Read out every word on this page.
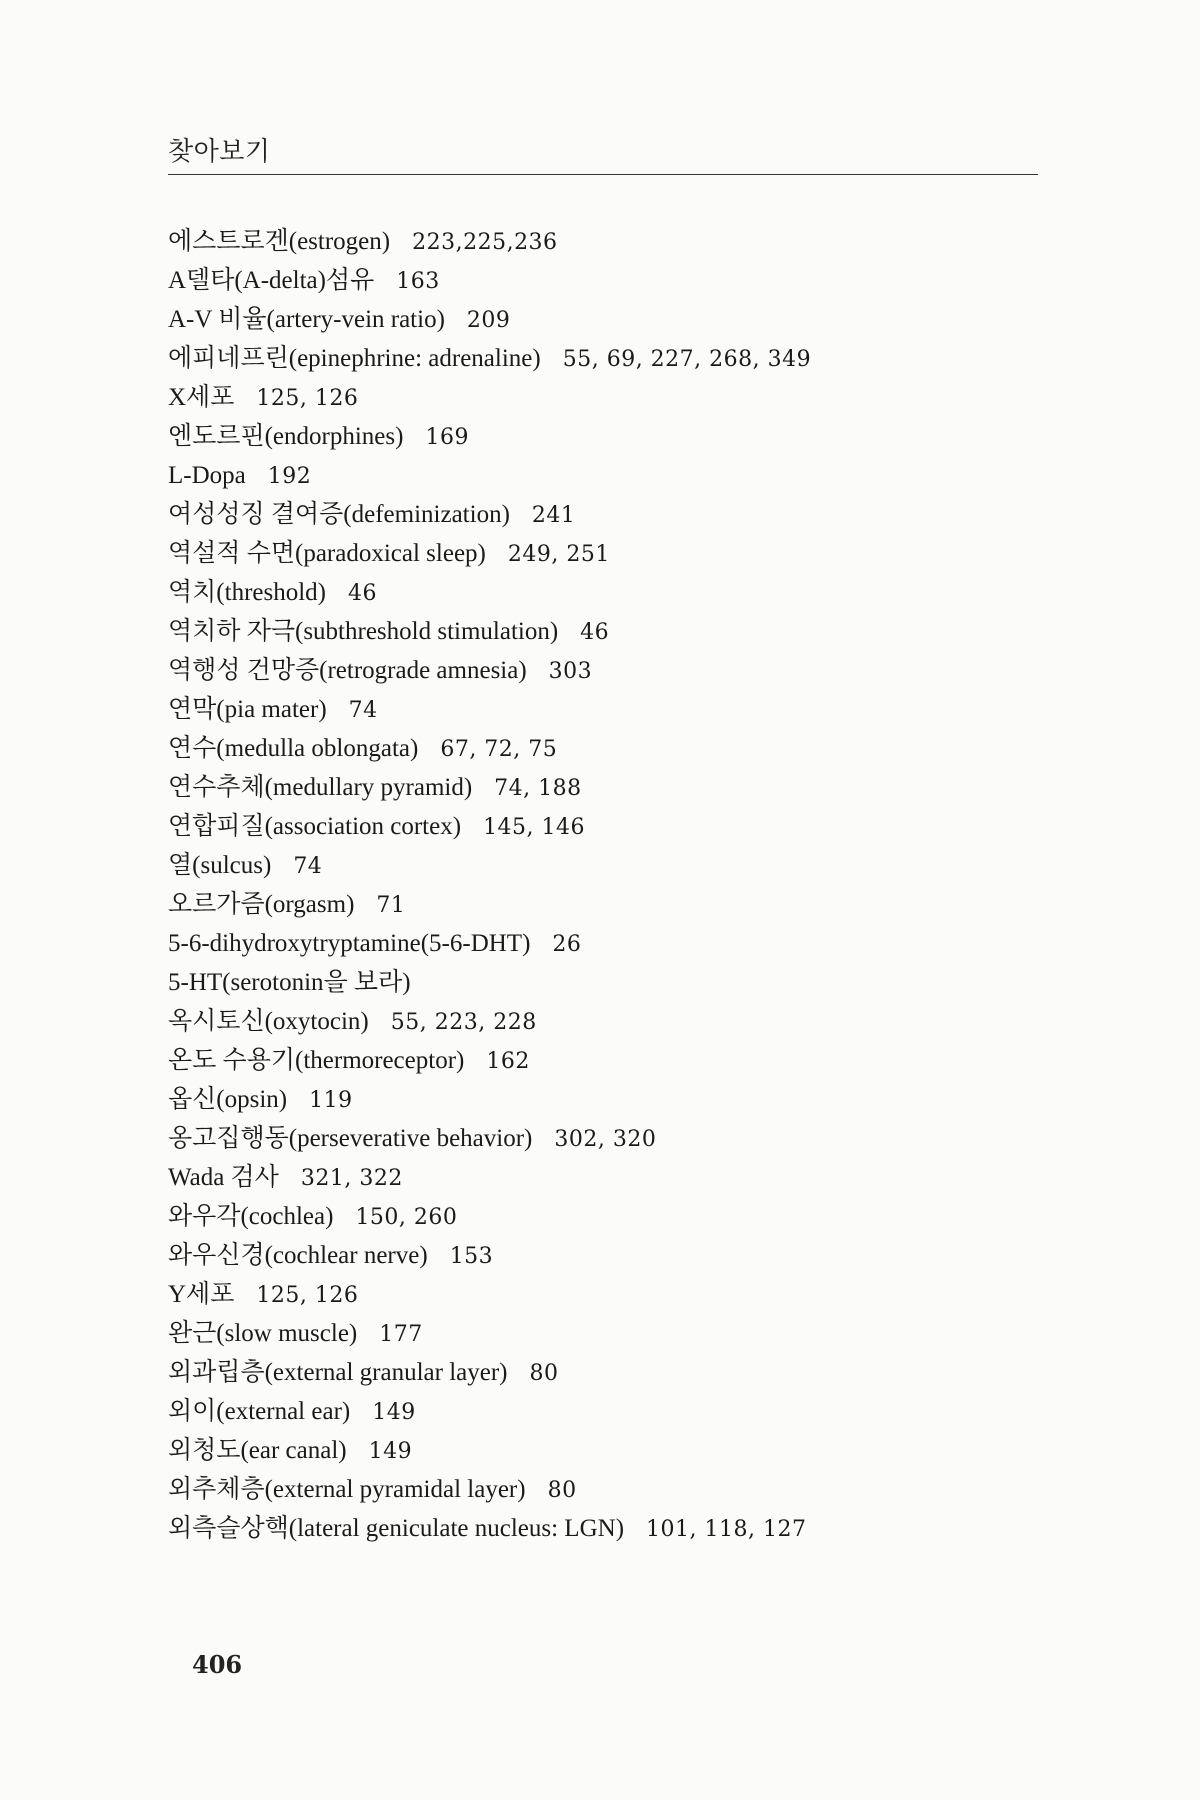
찾아보기
에스트로겐(estrogen) 223,225,236
A델타(A-delta)섬유 163
A-V 비율(artery-vein ratio) 209
에피네프린(epinephrine: adrenaline) 55, 69, 227, 268, 349
X세포 125, 126
엔도르핀(endorphines) 169
L-Dopa 192
여성성징 결여증(defeminization) 241
역설적 수면(paradoxical sleep) 249, 251
역치(threshold) 46
역치하 자극(subthreshold stimulation) 46
역행성 건망증(retrograde amnesia) 303
연막(pia mater) 74
연수(medulla oblongata) 67, 72, 75
연수추체(medullary pyramid) 74, 188
연합피질(association cortex) 145, 146
열(sulcus) 74
오르가즘(orgasm) 71
5-6-dihydroxytryptamine(5-6-DHT) 26
5-HT(serotonin을 보라)
옥시토신(oxytocin) 55, 223, 228
온도 수용기(thermoreceptor) 162
옵신(opsin) 119
옹고집행동(perseverative behavior) 302, 320
Wada 검사 321, 322
와우각(cochlea) 150, 260
와우신경(cochlear nerve) 153
Y세포 125, 126
완근(slow muscle) 177
외과립층(external granular layer) 80
외이(external ear) 149
외청도(ear canal) 149
외추체층(external pyramidal layer) 80
외측슬상핵(lateral geniculate nucleus: LGN) 101, 118, 127
406
